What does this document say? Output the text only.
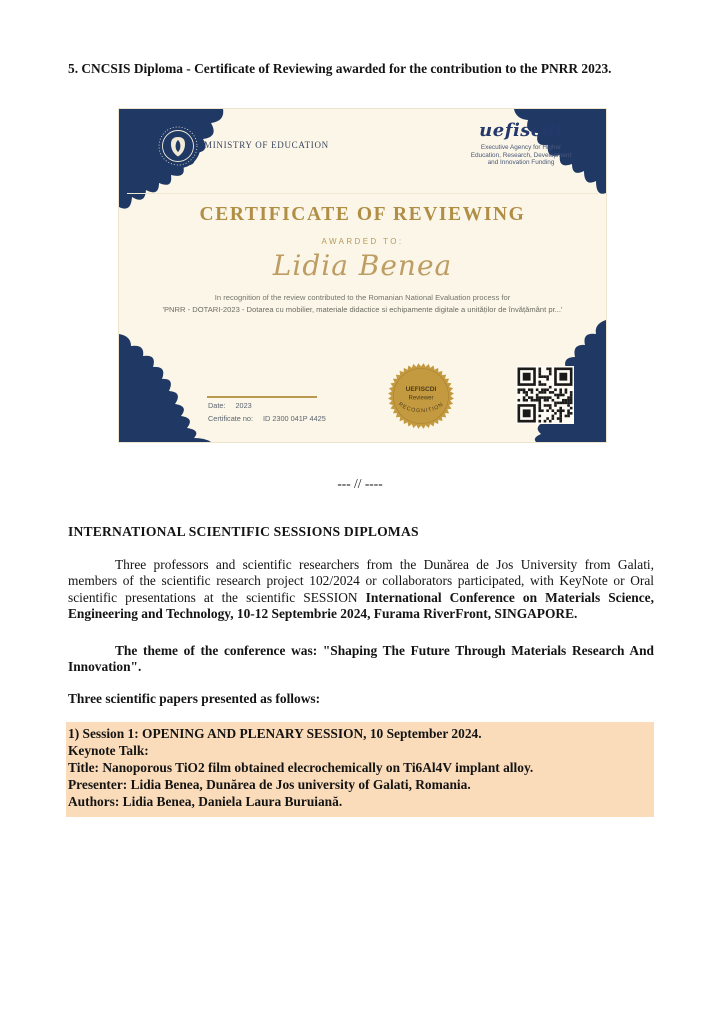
5. CNCSIS Diploma - Certificate of Reviewing awarded for the contribution to the PNRR 2023.

MINISTRY OF EDUCATION
uefiscdi
Executive Agency for Higher
Education, Research, Development
and Innovation Funding
CERTIFICATE OF REVIEWING
AWARDED TO:
Lidia Benea
In recognition of the review contributed to the Romanian National Evaluation process for
'PNRR - DOTARI-2023 - Dotarea cu mobilier, materiale didactice si echipamente digitale a unităților de învățământ pr...'
Date: 2023
Certificate no: ID 2300 041P 4425
UEFISCDI
Reviewer
RECOGNITION

--- // ----

INTERNATIONAL SCIENTIFIC SESSIONS DIPLOMAS

Three professors and scientific researchers from the Dunărea de Jos University from Galati, members of the scientific research project 102/2024 or collaborators participated, with KeyNote or Oral scientific presentations at the scientific SESSION International Conference on Materials Science, Engineering and Technology, 10-12 Septembrie 2024, Furama RiverFront, SINGAPORE.

The theme of the conference was: "Shaping The Future Through Materials Research And Innovation".

Three scientific papers presented as follows:

1) Session 1: OPENING AND PLENARY SESSION, 10 September 2024.
Keynote Talk:
Title: Nanoporous TiO2 film obtained elecrochemically on Ti6Al4V implant alloy.
Presenter: Lidia Benea, Dunărea de Jos university of Galati, Romania.
Authors: Lidia Benea, Daniela Laura Buruiană.
